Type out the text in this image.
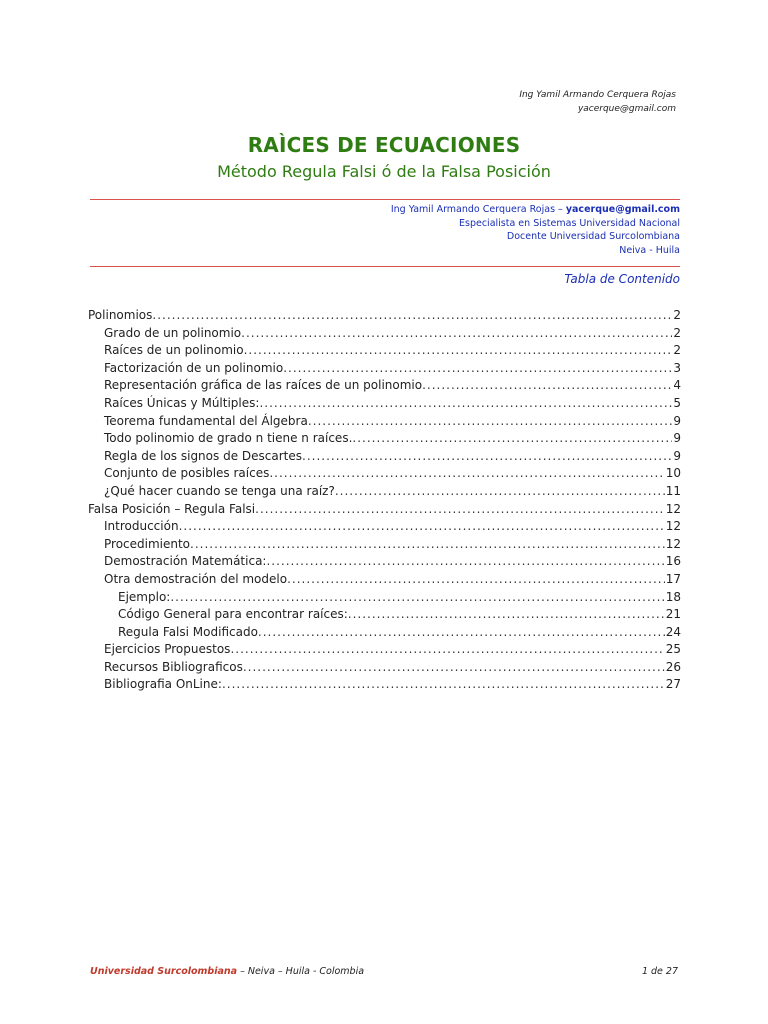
Ing Yamil Armando Cerquera Rojas
yacerque@gmail.com
RAÌCES DE ECUACIONES
Método Regula Falsi ó de la Falsa Posición
Ing Yamil Armando Cerquera Rojas – yacerque@gmail.com
Especialista en Sistemas Universidad Nacional
Docente Universidad Surcolombiana
Neiva - Huila
Tabla de Contenido
Polinomios .....	2
Grado de un polinomio .....	2
Raíces de un polinomio .....	2
Factorización de un polinomio .....	3
Representación gráfica de las raíces de un polinomio .....	4
Raíces Únicas y Múltiples: .....	5
Teorema fundamental del Álgebra .....	9
Todo polinomio de grado n tiene n raíces. .....	9
Regla de los signos de Descartes .....	9
Conjunto de posibles raíces .....	10
¿Qué hacer cuando se tenga una raíz? .....	11
Falsa Posición – Regula Falsi .....	12
Introducción .....	12
Procedimiento .....	12
Demostración Matemática: .....	16
Otra demostración del modelo .....	17
Ejemplo: .....	18
Código General para encontrar raíces: .....	21
Regula Falsi Modificado .....	24
Ejercicios Propuestos .....	25
Recursos Bibliograficos .....	26
Bibliografia OnLine: .....	27
Universidad Surcolombiana – Neiva – Huila - Colombia	1 de 27
